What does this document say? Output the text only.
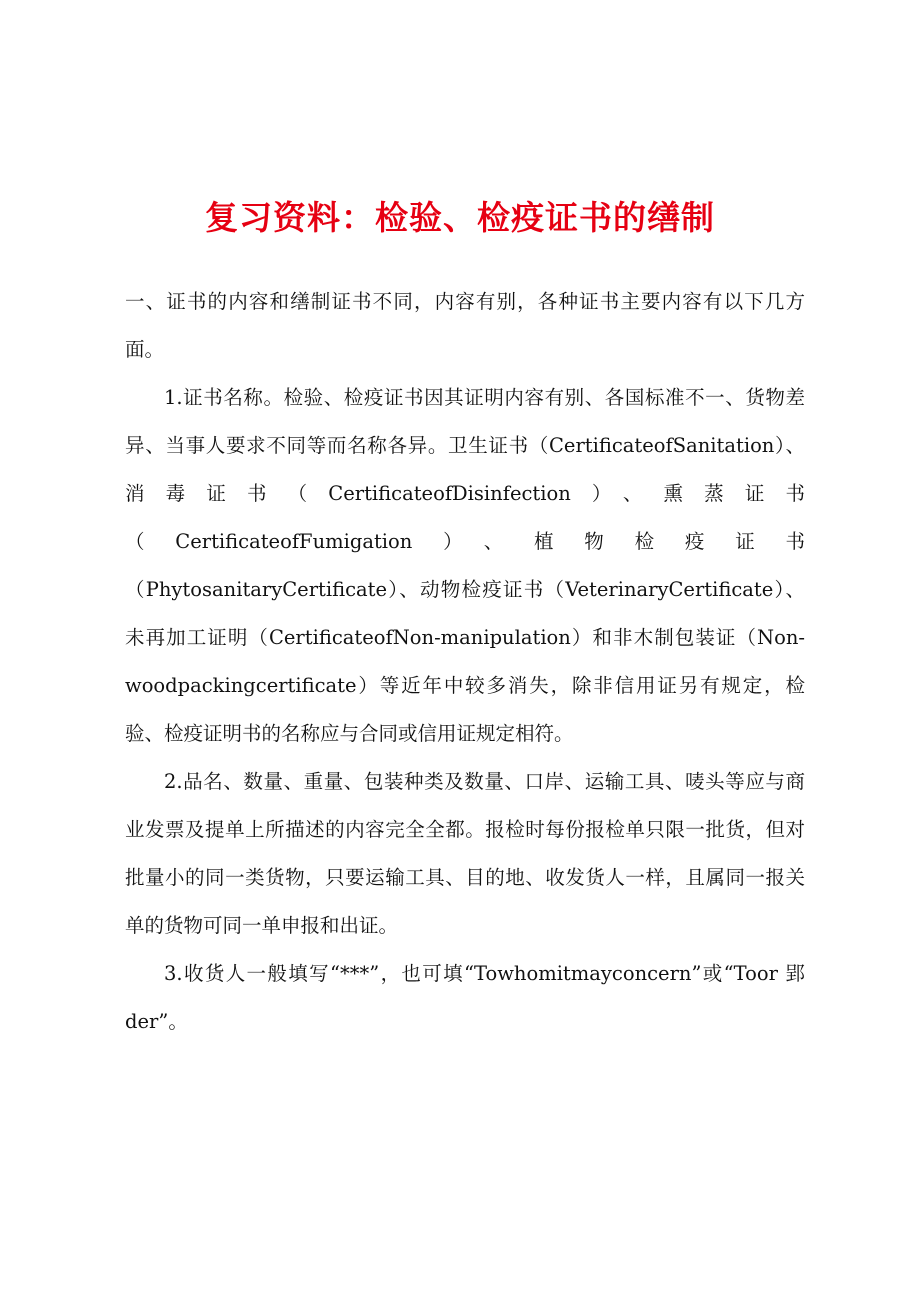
复习资料：检验、检疫证书的缮制

一、证书的内容和缮制证书不同，内容有别，各种证书主要内容有以下几方面。

1.证书名称。检验、检疫证书因其证明内容有别、各国标准不一、货物差异、当事人要求不同等而名称各异。卫生证书（CertificateofSanitation）、消毒证书（CertificateofDisinfection）、熏蒸证书（CertificateofFumigation）、植物检疫证书（PhytosanitaryCertificate）、动物检疫证书（VeterinaryCertificate）、未再加工证明（CertificateofNon-manipulation）和非木制包装证（Non-woodpackingcertificate）等近年中较多消失，除非信用证另有规定，检验、检疫证明书的名称应与合同或信用证规定相符。

2.品名、数量、重量、包装种类及数量、口岸、运输工具、唛头等应与商业发票及提单上所描述的内容完全全都。报检时每份报检单只限一批货，但对批量小的同一类货物，只要运输工具、目的地、收发货人一样，且属同一报关单的货物可同一单申报和出证。

3.收货人一般填写“***”，也可填“Towhomitmayconcern”或“Toor 郢der”。
